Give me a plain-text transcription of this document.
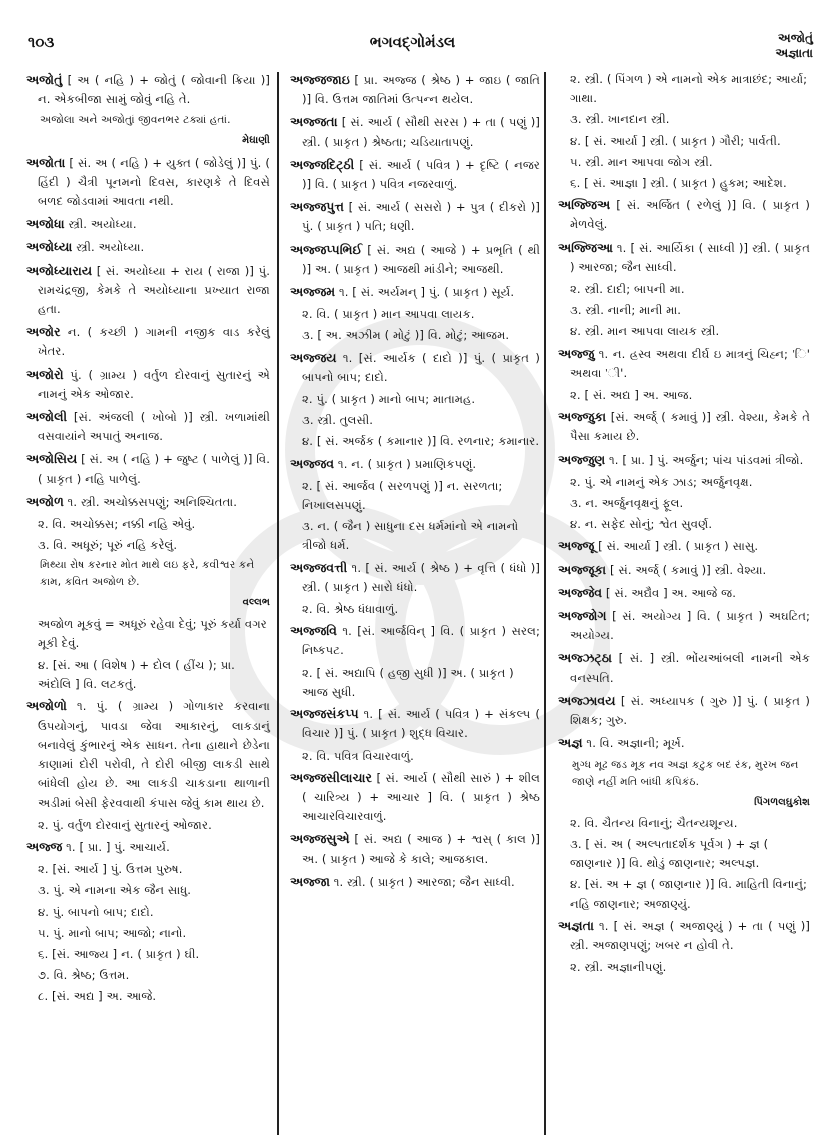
૧૦૩	ભગવદ્ગોમંડલ	અજોતું
અજ્ઞાતા
અજોતું [ અ ( નહિ ) + જોતું ( જોવાની ક્રિયા )] ન. એકબીજા સામું જોવું નહિ તે.
અજોલા અને અજોતુાં જીવનભર ટક્યાં હતાં.
મેઘાણી
અજોતા [ સં. અ ( નહિ ) + યુક્ત ( જોડેલું )] પું. ( હિંદી ) ચૈત્રી પૂનમનો દિવસ, કારણકે તે દિવસે બળદ જોડવામાં આવતા નથી.
અજોધા સ્ત્રી. અયોધ્યા.
અજોધ્યા સ્ત્રી. અયોધ્યા.
અજોધ્યારાય [ સં. અયોધ્યા + રાય ( રાજા )] પું. રામચંદ્રજી, કેમકે તે અયોધ્યાના પ્રખ્યાત રાજા હતા.
અજોર ન. ( કચ્છી ) ગામની નજીક વાડ કરેલું ખેતર.
અજોરો પું. ( ગ્રામ્ય ) વર્તુળ દોરવાનું સુતારનું એ નામનું એક ઓજાર.
અજોલી [સં. અંજલી ( ખોબો )] સ્ત્રી. ખળામાંથી વસવાયાંને અપાતું અનાજ.
અજોસિય [ સં. અ ( નહિ ) + જુષ્ટ ( પાળેલું )] વિ. ( પ્રાકૃત ) નહિ પાળેલું.
અજોળ ૧. સ્ત્રી. અચોક્કસપણું; અનિશ્ચિતતા.
૨. વિ. અચોક્કસ; નક્કી નહિ એવું.
૩. વિ. અધૂરું; પૂરું નહિ કરેલું.
મિથ્યા રોષ કરનાર મોત માથે લઇ ફરે, કવીશ્વર કને કામ, કવિત અજોળ છે.
વલ્લભ
અજોળ મૂકવું = અધૂરું રહેવા દેવું; પૂરું કર્યા વગર મૂકી દેવું.
૪. [સં. આ ( વિશેષ ) + દોલ ( હીંચ ); પ્રા. અંદોલિ ] વિ. લટકતું.
અજોળો ૧. પું. ( ગ્રામ્ય ) ગોળાકાર કરવાના ઉપયોગનું, પાવડા જેવા આકારનું, લાકડાનું બનાવેલું કુંભારનું એક સાધન. તેના હાથાને છેડેના કાણામાં દોરી પરોવી, તે દોરી બીજી લાકડી સાથે બાંધેલી હોય છે. આ લાકડી ચાકડાના થાળાની અડીમાં બેસી ફેરવવાથી કંપાસ જેવું કામ થાય છે.
૨. પું. વર્તુળ દોરવાનું સુતારનું ઓજાર.
અજ્જ ૧. [ પ્રા. ] પું. આચાર્ય.
૨. [સં. આર્ય ] પું. ઉત્તમ પુરુષ.
૩. પું. એ નામના એક જૈન સાધુ.
૪. પું. બાપનો બાપ; દાદો.
૫. પું. માનો બાપ; આજો; નાનો.
૬. [સં. આજ્ય ] ન. ( પ્રાકૃત ) ઘી.
૭. વિ. શ્રેષ્ઠ; ઉત્તમ.
૮. [સં. અદ્ય ] અ. આજે.
અજ્જજાઇ [ પ્રા. અજ્જ ( શ્રેષ્ઠ ) + જાઇ ( જાતિ )] વિ. ઉત્તમ જાતિમાં ઉત્પન્ન થયેલ.
અજ્જતા [ સં. આર્ય ( સૌથી સરસ ) + તા ( પણું )] સ્ત્રી. ( પ્રાકૃત ) શ્રેષ્ઠતા; ચડિયાતાપણું.
અજ્જદિટ્ઠી [ સં. આર્ય ( પવિત્ર ) + દૃષ્ટિ ( નજર )] વિ. ( પ્રાકૃત ) પવિત્ર નજરવાળું.
અજ્જપુત્ત [ સં. આર્ય ( સસરો ) + પુત્ર ( દીકરો )] પું. ( પ્રાકૃત ) પતિ; ધણી.
અજ્જપ્પભિઈ [ સં. અદ્ય ( આજે ) + પ્રભૃતિ ( થી )] અ. ( પ્રાકૃત ) આજથી માંડીને; આજથી.
અજ્જમ ૧. [ સં. અર્યમન્ ] પું. ( પ્રાકૃત ) સૂર્ય.
૨. વિ. ( પ્રાકૃત ) માન આપવા લાયક.
૩. [ અ. અઝીમ ( મોટું )] વિ. મોટું; આજમ.
અજ્જય ૧. [સં. આર્યક ( દાદો )] પું. ( પ્રાકૃત ) બાપનો બાપ; દાદો.
૨. પું. ( પ્રાકૃત ) માનો બાપ; માતામહ.
૩. સ્ત્રી. તુલસી.
૪. [ સં. અર્જક ( કમાનાર )] વિ. રળનાર; કમાનાર.
અજ્જવ ૧. ન. ( પ્રાકૃત ) પ્રમાણિકપણું.
૨. [ સં. આર્જવ ( સરળપણું )] ન. સરળતા; નિખાલસપણું.
૩. ન. ( જૈન ) સાધુના દસ ધર્મમાંનો એ નામનો ત્રીજો ધર્મ.
અજ્જવત્તી ૧. [ સં. આર્ય ( શ્રેષ્ઠ ) + વૃત્તિ ( ધંધો )] સ્ત્રી. ( પ્રાકૃત ) સારો ધંધો.
૨. વિ. શ્રેષ્ઠ ધંધાવાળું.
અજ્જવિ ૧. [સં. આર્જવિન્ ] વિ. ( પ્રાકૃત ) સરલ; નિષ્કપટ.
૨. [ સં. અદ્યાપિ ( હજી સુધી )] અ. ( પ્રાકૃત ) આજ સુધી.
અજ્જસંકપ્પ ૧. [ સં. આર્ય ( પવિત્ર ) + સંકલ્પ ( વિચાર )] પું. ( પ્રાકૃત ) શુદ્ધ વિચાર.
૨. વિ. પવિત્ર વિચારવાળું.
અજ્જસીલાચાર [ સં. આર્ય ( સૌથી સારું ) + શીલ ( ચારિત્ર્ય ) + આચાર ] વિ. ( પ્રાકૃત ) શ્રેષ્ઠ આચારવિચારવાળું.
અજ્જસુએ [ સં. અદ્ય ( આજ ) + શ્વસ્ ( કાલ )] અ. ( પ્રાકૃત ) આજે કે કાલે; આજકાલ.
અજ્જા ૧. સ્ત્રી. ( પ્રાકૃત ) આરજા; જૈન સાધ્વી.
૨. સ્ત્રી. ( પિંગળ ) એ નામનો એક માત્રાછંદ; આર્યા; ગાથા.
૩. સ્ત્રી. ખાનદાન સ્ત્રી.
૪. [ સં. આર્યા ] સ્ત્રી. ( પ્રાકૃત ) ગૌરી; પાર્વતી.
૫. સ્ત્રી. માન આપવા જોગ સ્ત્રી.
૬. [ સં. આજ્ઞા ] સ્ત્રી. ( પ્રાકૃત ) હુકમ; આદેશ.
અજ્જિઅ [ સં. અર્જિત ( રળેલું )] વિ. ( પ્રાકૃત ) મેળવેલું.
અજ્જિઆ ૧. [ સં. આર્યિકા ( સાધ્વી )] સ્ત્રી. ( પ્રાકૃત ) આરજા; જૈન સાધ્વી.
૨. સ્ત્રી. દાદી; બાપની મા.
૩. સ્ત્રી. નાની; માની મા.
૪. સ્ત્રી. માન આપવા લાયક સ્ત્રી.
અજ્જુ ૧. ન. હ્રસ્વ અથવા દીર્ઘ ઇ માત્રનું ચિહ્ન; 'િ' અથવા 'ી'.
૨. [ સં. અદ્ય ] અ. આજ.
અજ્જુકા [સં. અર્જ્ ( કમાવું )] સ્ત્રી. વેશ્યા, કેમકે તે પૈસા કમાય છે.
અજ્જુણ ૧. [ પ્રા. ] પું. અર્જુન; પાંચ પાંડવમાં ત્રીજો.
૨. પું. એ નામનું એક ઝાડ; અર્જુનવૃક્ષ.
૩. ન. અર્જુનવૃક્ષનું ફૂલ.
૪. ન. સફેદ સોનું; શ્વેત સુવર્ણ.
અજ્જૂ [ સં. આર્યા ] સ્ત્રી. ( પ્રાકૃત ) સાસુ.
અજ્જૂકા [ સં. અર્જ્ ( કમાવું )] સ્ત્રી. વેશ્યા.
અજ્જેવ [ સં. અદ્યૈવ ] અ. આજે જ.
અજ્જોગ [ સં. અયોગ્ય ] વિ. ( પ્રાકૃત ) અઘટિત; અયોગ્ય.
અજ્ઝટ્ઠા [ સં. ] સ્ત્રી. ભોંયઆંબલી નામની એક વનસ્પતિ.
અજ્ઝાવય [ સં. અધ્યાપક ( ગુરુ )] પું. ( પ્રાકૃત ) શિક્ષક; ગુરુ.
અજ્ઞ ૧. વિ. અજ્ઞાની; મૂર્ખ.
મુગ્ધ મૂઢ જડ મૂક નવ અજ્ઞ કટુક બદ રંક, મુરખ જન જાણે નહીં મતિ બાંધી કપિકંઠ.
પિંગળલઘુકોશ
૨. વિ. ચૈતન્ય વિનાનું; ચૈતન્યશૂન્ય.
૩. [ સં. અ ( અલ્પતાદર્શક પૂર્વગ ) + જ્ઞ ( જાણનાર )] વિ. થોડું જાણનાર; અલ્પજ્ઞ.
૪. [સં. અ + જ્ઞ ( જાણનાર )] વિ. માહિતી વિનાનું; નહિ જાણનાર; અજાણ્યું.
અજ્ઞતા ૧. [ સં. અજ્ઞ ( અજાણ્યું ) + તા ( પણું )] સ્ત્રી. અજાણપણું; ખબર ન હોવી તે.
૨. સ્ત્રી. અજ્ઞાનીપણું.
